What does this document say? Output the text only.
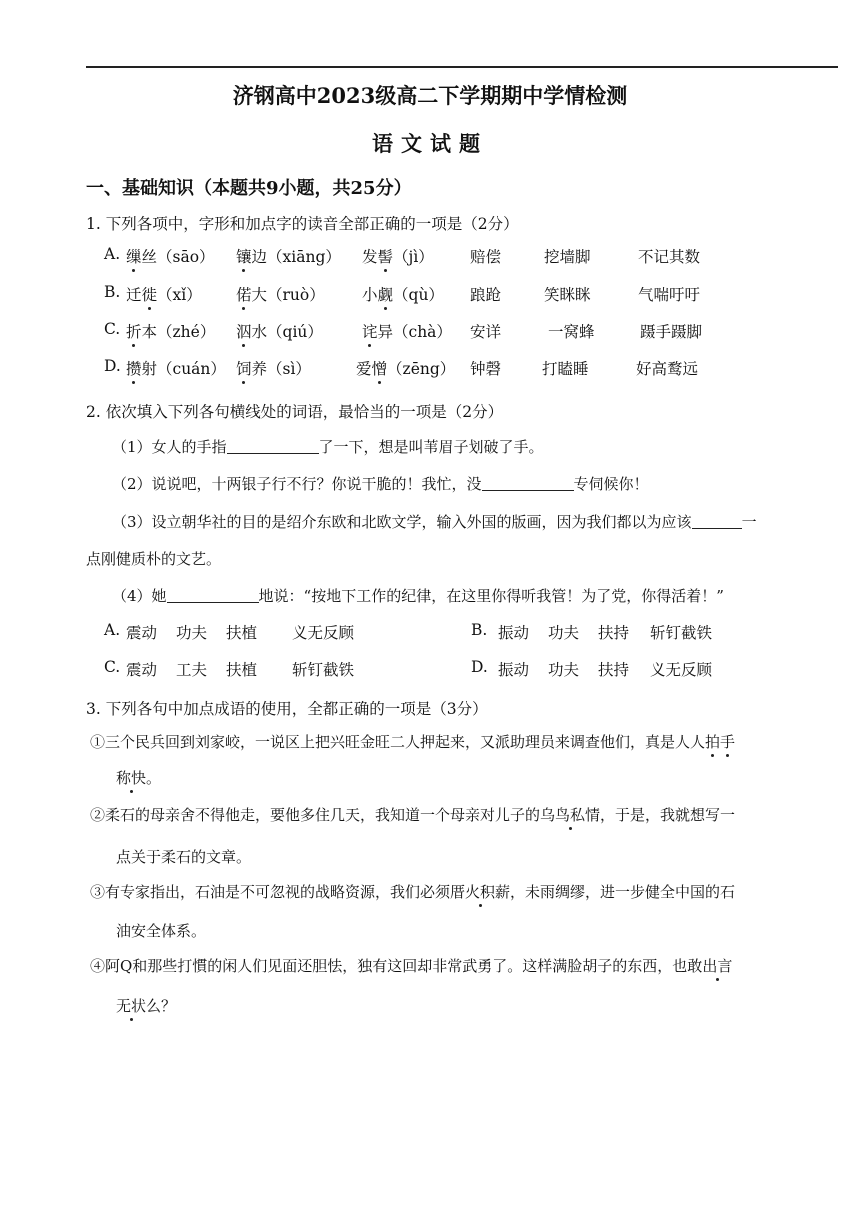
济钢高中2023级高二下学期期中学情检测
语文试题
一、基础知识（本题共9小题，共25分）
1. 下列各项中，字形和加点字的读音全部正确的一项是（2分）
A. 缫丝（sāo） 镶边（xiāng） 发髻（jì） 赔偿	挖墙脚	不记其数
B. 迁徙（xǐ） 偌大（ruò） 小觑（qù） 踉跄	笑眯眯	气喘吁吁
C. 折本（zhé） 泅水（qiú）	诧异（chà） 安详	一窝蜂	蹑手蹑脚
D. 攒射（cuán） 饲养（sì）	爱憎（zēng） 钟磬	打瞌睡	好高鹜远
2. 依次填入下列各句横线处的词语，最恰当的一项是（2分）
（1）女人的手指	了一下，想是叫苇眉子划破了手。
（2）说说吧，十两银子行不行？你说干脆的！我忙，没	专伺候你！
（3）设立朝华社的目的是绍介东欧和北欧文学，输入外国的版画，因为我们都以为应该	一
点刚健质朴的文艺。
（4）她	地说：“按地下工作的纪律，在这里你得听我管！为了党，你得活着！”
A. 震动 功夫 扶植 义无反顾	B. 振动 功夫 扶持 斩钉截铁
C. 震动 工夫 扶植 斩钉截铁	D. 振动 功夫 扶持 义无反顾
3. 下列各句中加点成语的使用，全都正确的一项是（3分）
①三个民兵回到刘家峧，一说区上把兴旺金旺二人押起来，又派助理员来调查他们，真是人人拍手
称快。
②柔石的母亲舍不得他走，要他多住几天，我知道一个母亲对儿子的乌鸟私情，于是，我就想写一
点关于柔石的文章。
③有专家指出，石油是不可忽视的战略资源，我们必须厝火积薪，未雨绸缪，进一步健全中国的石
油安全体系。
④阿Q和那些打慣的闲人们见面还胆怯，独有这回却非常武勇了。这样满脸胡子的东西，也敢出言
无状么？
